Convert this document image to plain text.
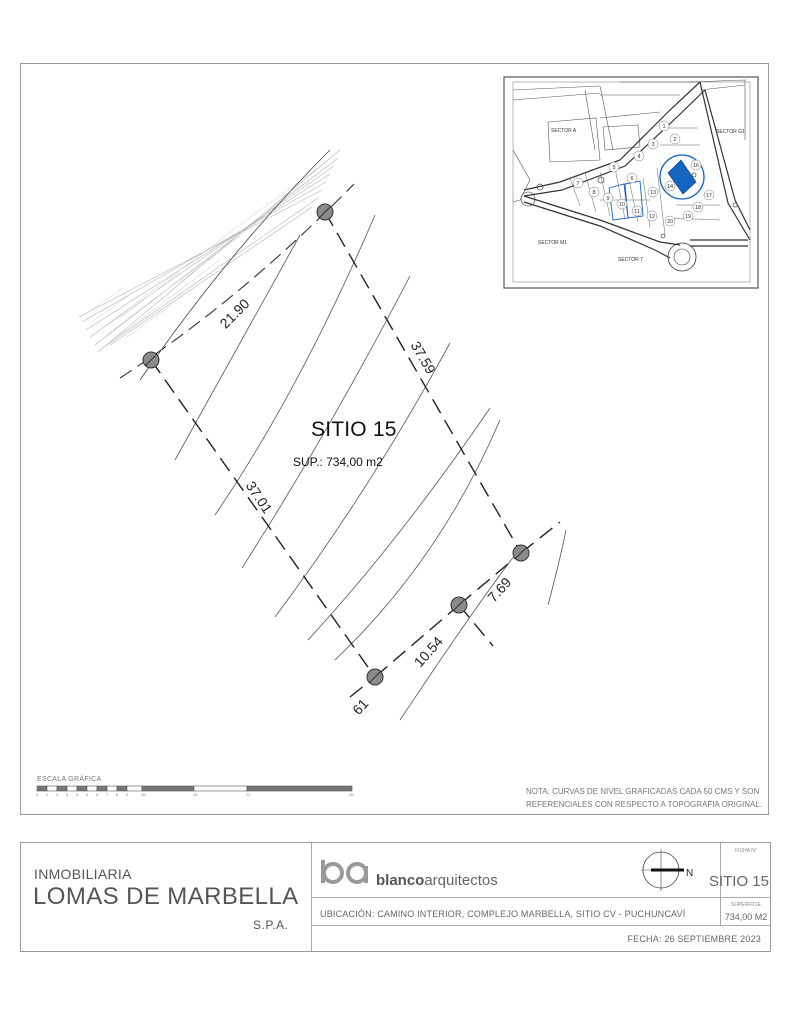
21.90
37.59
37.01
7.69
10.54
61
1
2
3
4
5
6
7
8
9
10
11
12
13
14
16
17
18
19
20
SECTOR A	SECTOR G1
SECTOR M1
SECTOR 7
SITIO 15
SUP.: 734,00 m2
ESCALA GRÁFICA
0 1 2 3 4 5 6 7 8 9	10	15	20	30	NOTA: CURVAS DE NIVEL GRAFICADAS CADA 50 CMS Y SON
REFERENCIALES CON RESPECTO A TOPOGRAFIA ORIGINAL.
INMOBILIARIA
LOMAS DE MARBELLA
S.P.A.
N
blancoarquitectos
UBICACIÓN: CAMINO INTERIOR, COMPLEJO MARBELLA, SITIO CV - PUCHUNCAVÍ
FECHA: 26 SEPTIEMBRE 2023
FICHA N°
SITIO 15
SUPERFICIE
734,00 M2
